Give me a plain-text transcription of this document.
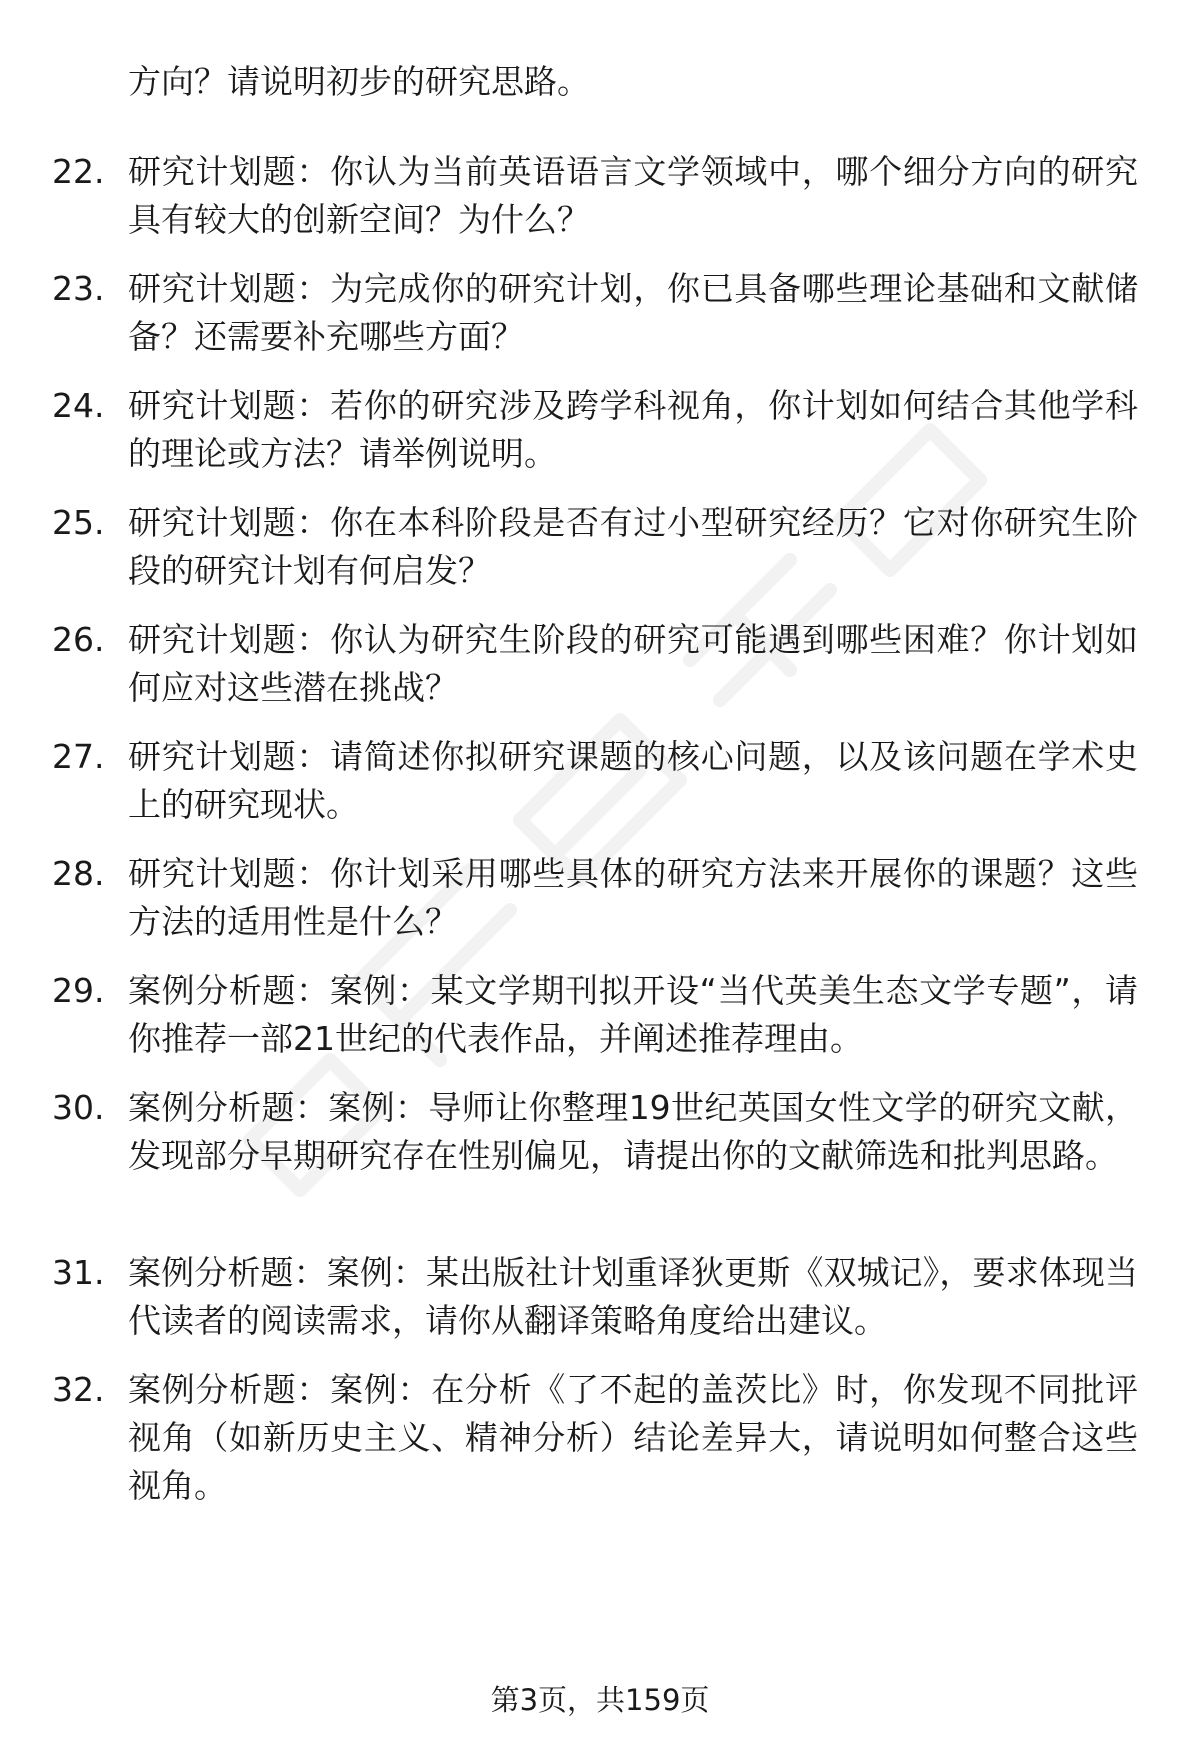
方向？请说明初步的研究思路。
22. 研究计划题：你认为当前英语语言文学领域中，哪个细分方向的研究具有较大的创新空间？为什么？
23. 研究计划题：为完成你的研究计划，你已具备哪些理论基础和文献储备？还需要补充哪些方面？
24. 研究计划题：若你的研究涉及跨学科视角，你计划如何结合其他学科的理论或方法？请举例说明。
25. 研究计划题：你在本科阶段是否有过小型研究经历？它对你研究生阶段的研究计划有何启发？
26. 研究计划题：你认为研究生阶段的研究可能遇到哪些困难？你计划如何应对这些潜在挑战？
27. 研究计划题：请简述你拟研究课题的核心问题，以及该问题在学术史上的研究现状。
28. 研究计划题：你计划采用哪些具体的研究方法来开展你的课题？这些方法的适用性是什么？
29. 案例分析题：案例：某文学期刊拟开设“当代英美生态文学专题”，请你推荐一部21世纪的代表作品，并阐述推荐理由。
30. 案例分析题：案例：导师让你整理19世纪英国女性文学的研究文献，发现部分早期研究存在性别偏见，请提出你的文献筛选和批判思路。
31. 案例分析题：案例：某出版社计划重译狄更斯《双城记》，要求体现当代读者的阅读需求，请你从翻译策略角度给出建议。
32. 案例分析题：案例：在分析《了不起的盖茨比》时，你发现不同批评视角（如新历史主义、精神分析）结论差异大，请说明如何整合这些视角。
第3页，共159页
